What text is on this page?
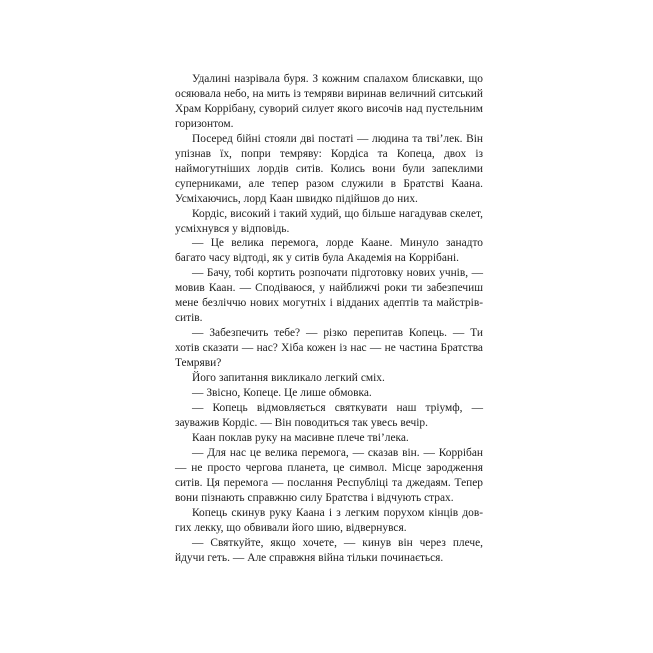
Удалині назрівала буря. З кожним спалахом блискавки, що осяювала небо, на мить із темряви виринав величний ситський Храм Коррібану, суворий силует якого височів над пустельним горизонтом.

Посеред бійні стояли дві постаті — людина та тві’лек. Він упізнав їх, попри темряву: Кордіса та Копеца, двох із наймогутніших лордів ситів. Колись вони були запеклими суперниками, але тепер разом служили в Братстві Каана. Усміхаючись, лорд Каан швидко підійшов до них.

Кордіс, високий і такий худий, що більше нагадував скелет, усміхнувся у відповідь.

— Це велика перемога, лорде Каане. Минуло занадто багато часу відтоді, як у ситів була Академія на Коррібані.

— Бачу, тобі кортить розпочати підготовку нових учнів, — мовив Каан. — Сподіваюся, у найближчі роки ти забезпечиш мене безліччю нових могутніх і відданих адептів та майстрів-ситів.

— Забезпечить тебе? — різко перепитав Копець. — Ти хотів сказати — нас? Хіба кожен із нас — не частина Братства Темряви?

Його запитання викликало легкий сміх.

— Звісно, Копеце. Це лише обмовка.

— Копець відмовляється святкувати наш тріумф, — зауважив Кордіс. — Він поводиться так увесь вечір.

Каан поклав руку на масивне плече тві’лека.

— Для нас це велика перемога, — сказав він. — Коррібан — не просто чергова планета, це символ. Місце зародження ситів. Ця перемога — послання Республіці та джедаям. Тепер вони пізнають справжню силу Братства і відчують страх.

Копець скинув руку Каана і з легким порухом кінців довгих лекку, що обвивали його шию, відвернувся.

— Святкуйте, якщо хочете, — кинув він через плече, йдучи геть. — Але справжня війна тільки починається.
